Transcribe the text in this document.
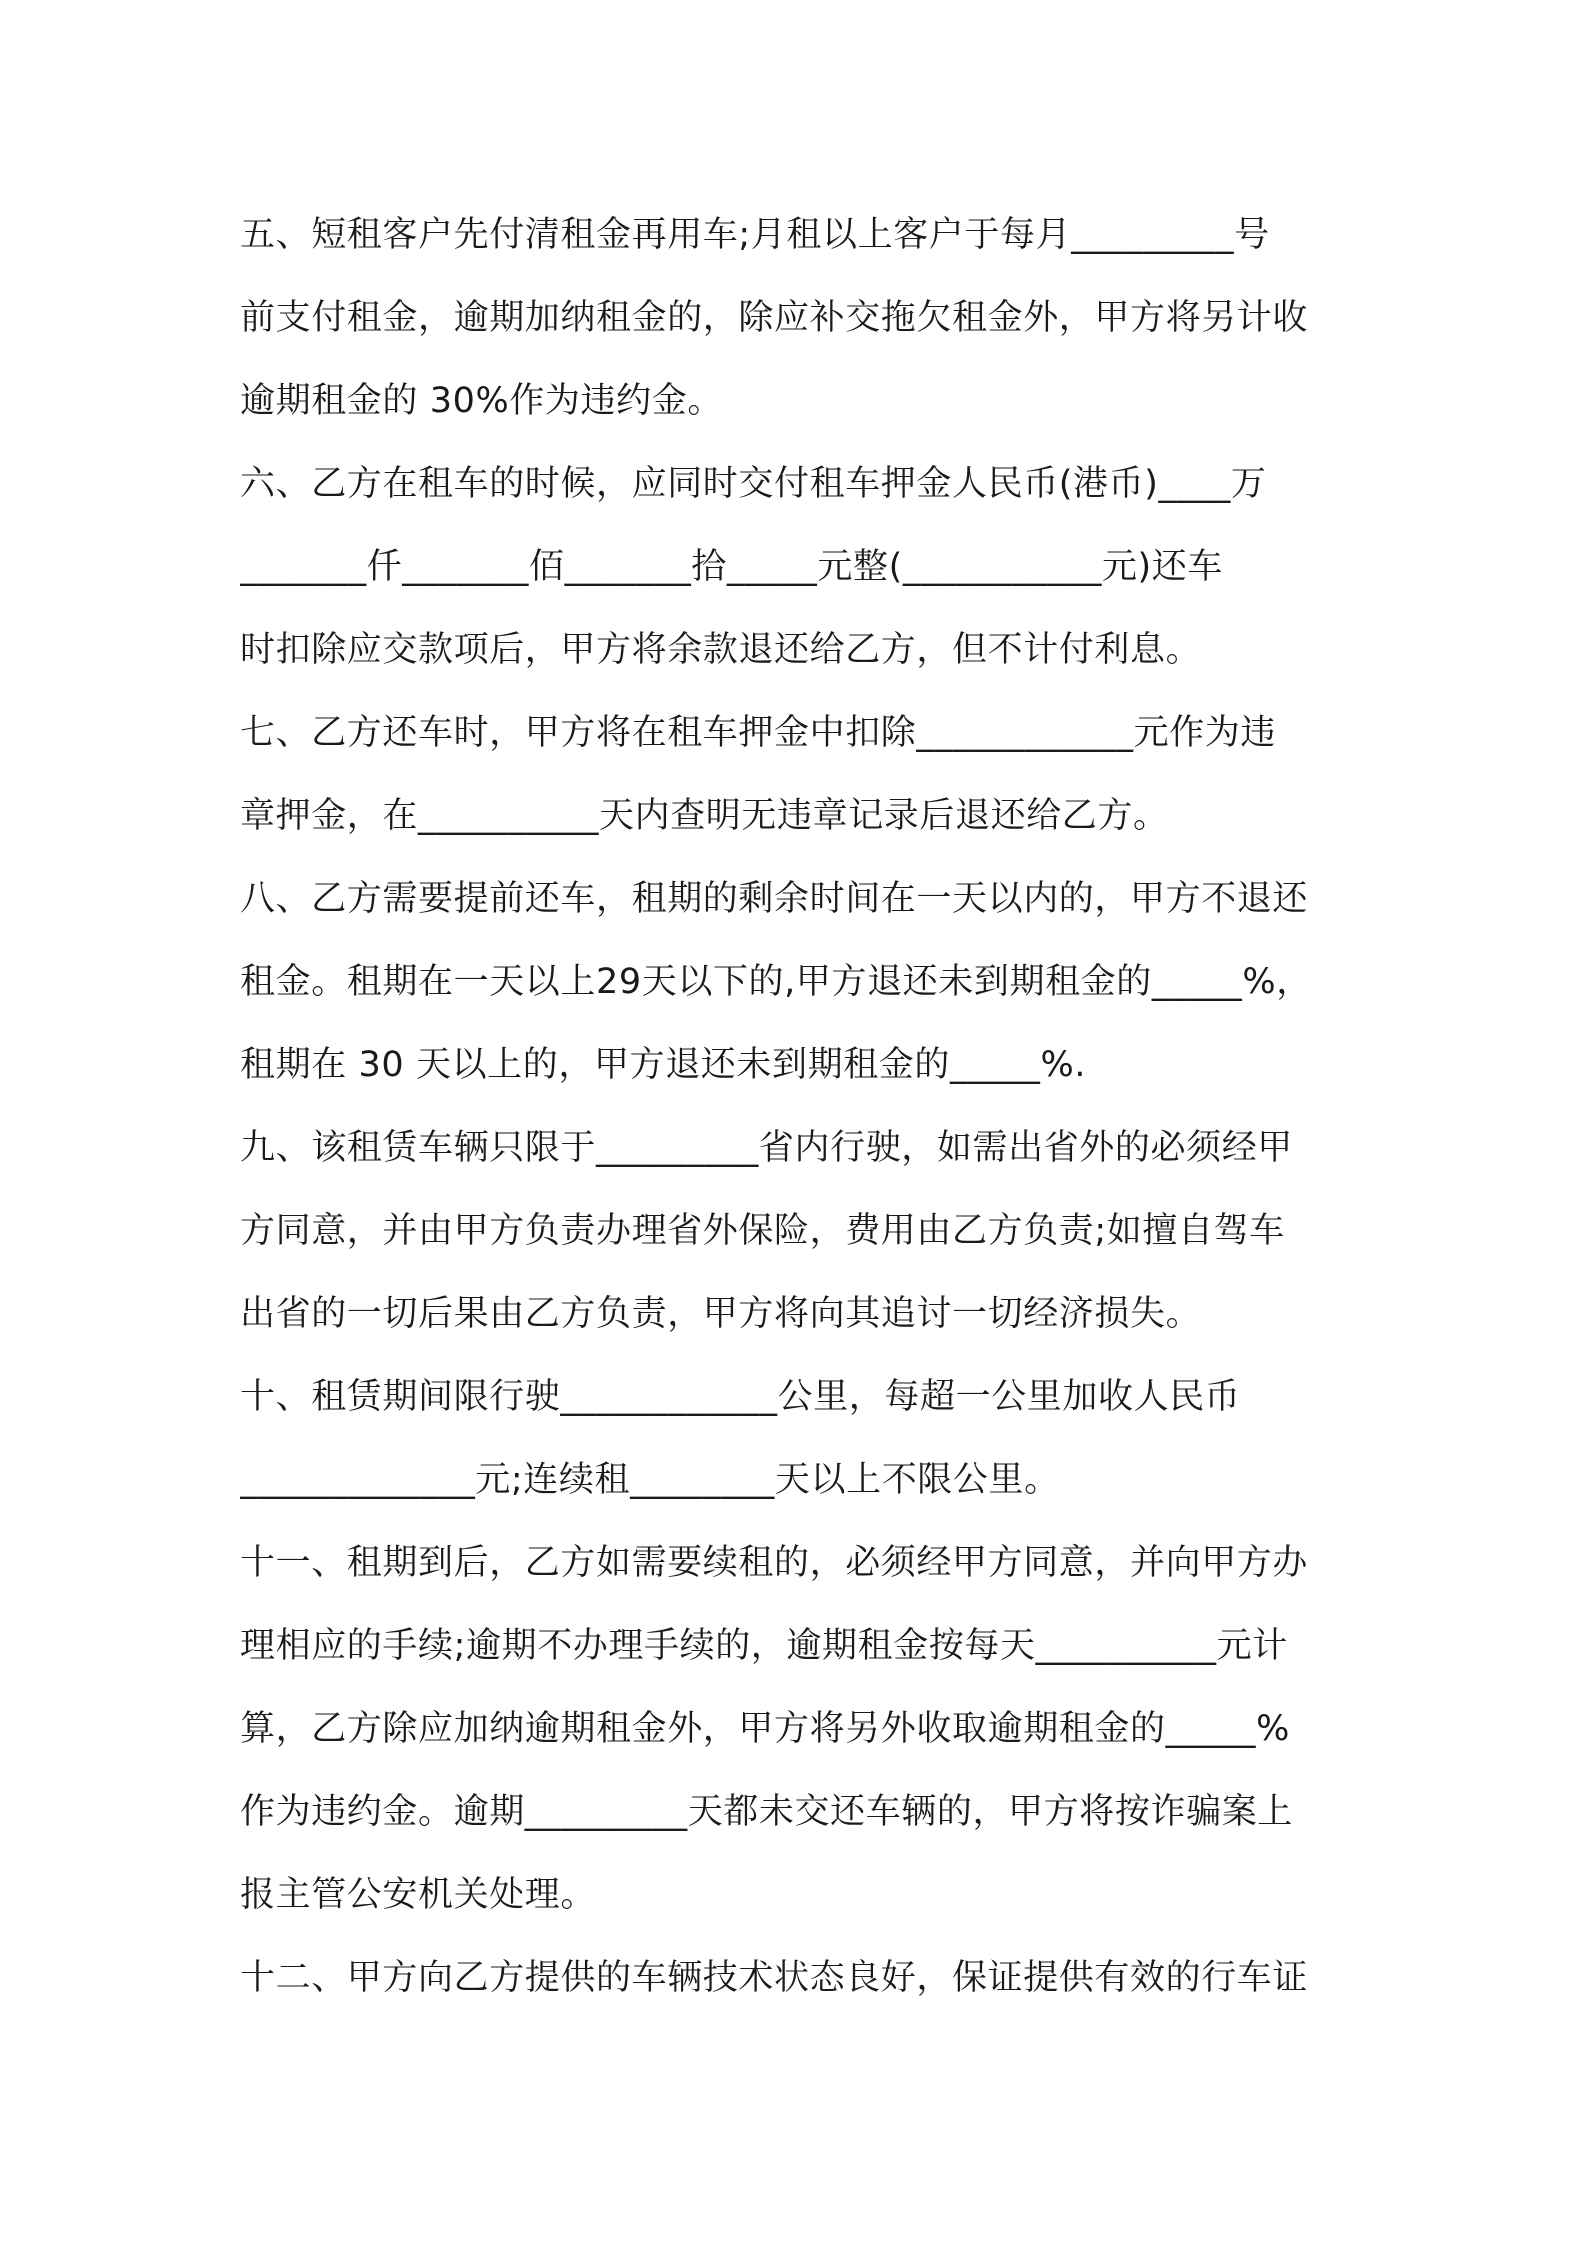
五、短租客户先付清租金再用车;月租以上客户于每月_________号
前支付租金，逾期加纳租金的，除应补交拖欠租金外，甲方将另计收
逾期租金的 30%作为违约金。
六、乙方在租车的时候，应同时交付租车押金人民币(港币)____万
_______仟_______佰_______拾_____元整(___________元)还车
时扣除应交款项后，甲方将余款退还给乙方，但不计付利息。
七、乙方还车时，甲方将在租车押金中扣除____________元作为违
章押金，在__________天内查明无违章记录后退还给乙方。
八、乙方需要提前还车，租期的剩余时间在一天以内的，甲方不退还
租金。租期在一天以上29天以下的,甲方退还未到期租金的_____%，
租期在 30 天以上的，甲方退还未到期租金的_____%.
九、该租赁车辆只限于_________省内行驶，如需出省外的必须经甲
方同意，并由甲方负责办理省外保险，费用由乙方负责;如擅自驾车
出省的一切后果由乙方负责，甲方将向其追讨一切经济损失。
十、租赁期间限行驶____________公里，每超一公里加收人民币
_____________元;连续租________天以上不限公里。
十一、租期到后，乙方如需要续租的，必须经甲方同意，并向甲方办
理相应的手续;逾期不办理手续的，逾期租金按每天__________元计
算，乙方除应加纳逾期租金外，甲方将另外收取逾期租金的_____%
作为违约金。逾期_________天都未交还车辆的，甲方将按诈骗案上
报主管公安机关处理。
十二、甲方向乙方提供的车辆技术状态良好，保证提供有效的行车证
